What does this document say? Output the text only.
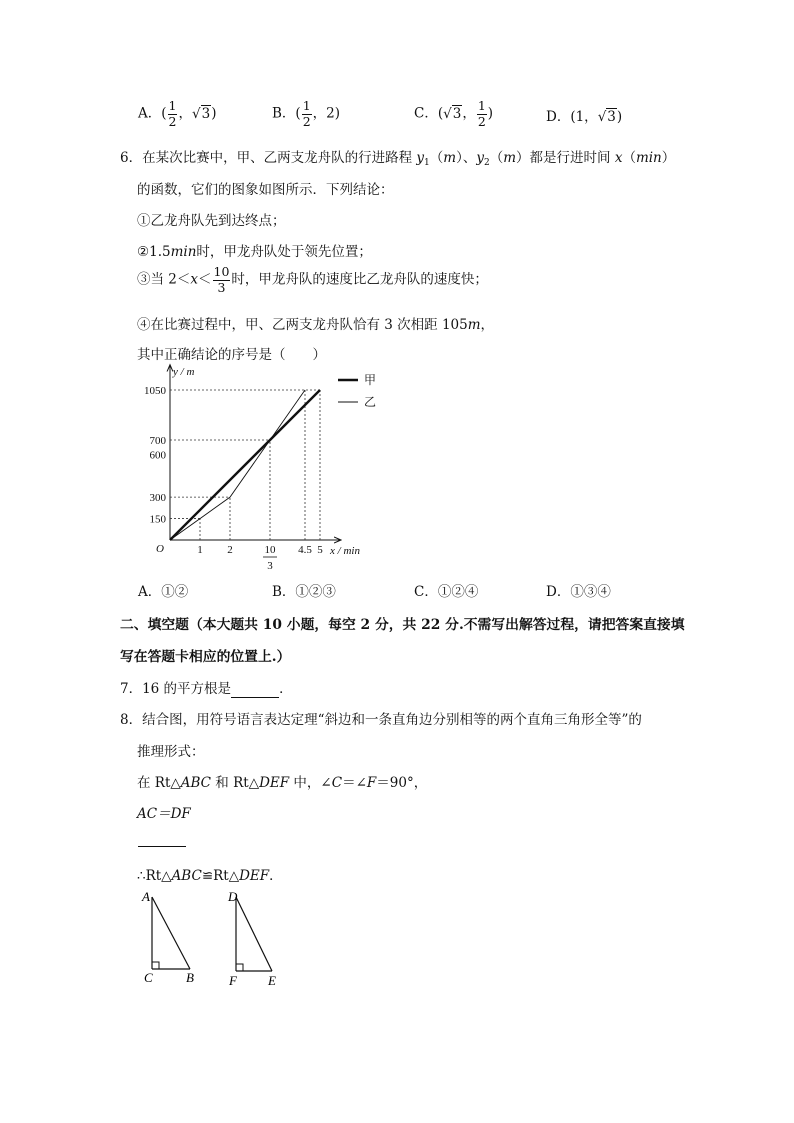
A．( $\frac{1}{2}$ ，√3)	B．( $\frac{1}{2}$ ，2)	C．(√3， $\frac{1}{2}$ )	D．(1，√3)
6．在某次比赛中，甲、乙两支龙舟队的行进路程 $y_1(m)$、$y_2(m)$都是行进时间 x（min）
的函数，它们的图象如图所示．下列结论：
①乙龙舟队先到达终点；
②1.5min时，甲龙舟队处于领先位置；
③当 $2<x< \frac{10}{3}$ 时，甲龙舟队的速度比乙龙舟队的速度快；
④在比赛过程中，甲、乙两支龙舟队恰有 3 次相距 105m，
其中正确结论的序号是（　　）
y / m
x / min
O
150
300
600
700
1050
1 2	10
3
4.5 5
甲
乙
A．①②	B．①②③	C．①②④	D．①③④
二、填空题（本大题共 10 小题，每空 2 分，共 22 分.不需写出解答过程，请把答案直接填
写在答题卡相应的位置上.）
7．16 的平方根是	．
8．结合图，用符号语言表达定理“斜边和一条直角边分别相等的两个直角三角形全等”的
推理形式：
在 Rt△ABC 和 Rt△DEF 中，∠C＝∠F＝90°，
AC＝DF
∴Rt△ABC≌Rt△DEF．
A
C	B
D
F E
